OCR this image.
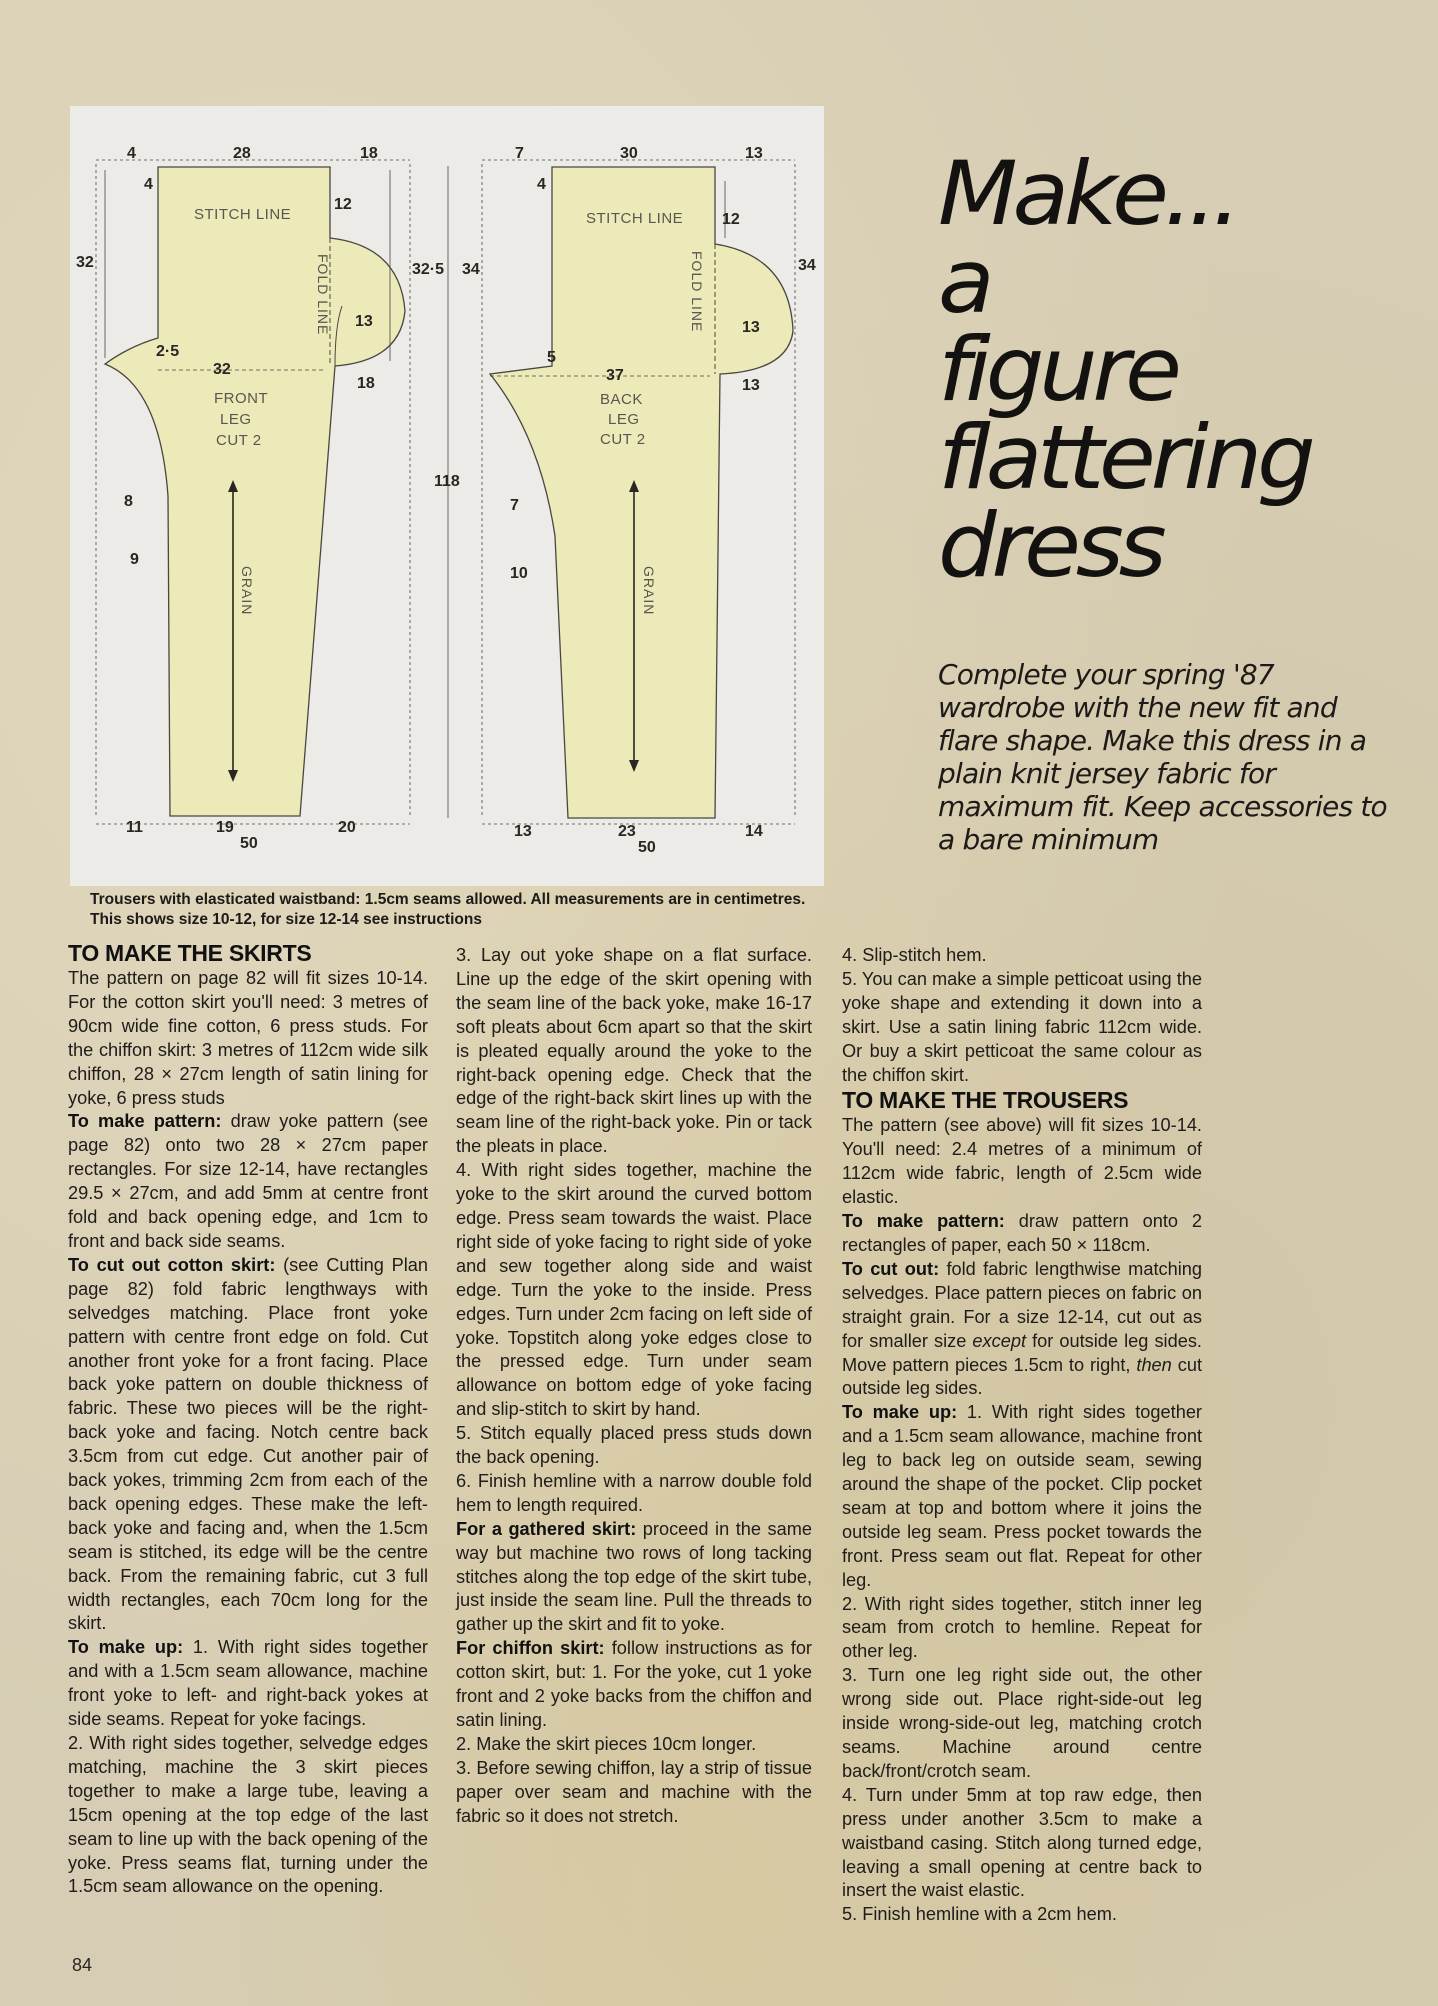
4	28	18
4
32
12
32·5
13
2·5
32
18
8
9
11	19	20
50
STITCH LINE
FOLD LINE
FRONT
LEG
CUT 2
GRAIN
118
7	30	13
4
34
12
34
13
5
37
13
7
10
13	23	14
50
STITCH LINE
FOLD LINE
BACK
LEG
CUT 2
GRAIN
Trousers with elasticated waistband: 1.5cm seams allowed. All measurements are in centimetres. This shows size 10-12, for size 12-14 see instructions
Make...
a
figure
flattering
dress
Complete your spring '87 wardrobe with the new fit and flare shape. Make this dress in a plain knit jersey fabric for maximum fit. Keep accessories to a bare minimum
TO MAKE THE SKIRTS

The pattern on page 82 will fit sizes 10-14. For the cotton skirt you'll need: 3 metres of 90cm wide fine cotton, 6 press studs. For the chiffon skirt: 3 metres of 112cm wide silk chiffon, 28 × 27cm length of satin lining for yoke, 6 press studs

To make pattern: draw yoke pattern (see page 82) onto two 28 × 27cm paper rectangles. For size 12-14, have rectangles 29.5 × 27cm, and add 5mm at centre front fold and back opening edge, and 1cm to front and back side seams.

To cut out cotton skirt: (see Cutting Plan page 82) fold fabric lengthways with selvedges matching. Place front yoke pattern with centre front edge on fold. Cut another front yoke for a front facing. Place back yoke pattern on double thickness of fabric. These two pieces will be the right-back yoke and facing. Notch centre back 3.5cm from cut edge. Cut another pair of back yokes, trimming 2cm from each of the back opening edges. These make the left-back yoke and facing and, when the 1.5cm seam is stitched, its edge will be the centre back. From the remaining fabric, cut 3 full width rectangles, each 70cm long for the skirt.

To make up: 1. With right sides together and with a 1.5cm seam allowance, machine front yoke to left- and right-back yokes at side seams. Repeat for yoke facings.

2. With right sides together, selvedge edges matching, machine the 3 skirt pieces together to make a large tube, leaving a 15cm opening at the top edge of the last seam to line up with the back opening of the yoke. Press seams flat, turning under the 1.5cm seam allowance on the opening.

3. Lay out yoke shape on a flat surface. Line up the edge of the skirt opening with the seam line of the back yoke, make 16-17 soft pleats about 6cm apart so that the skirt is pleated equally around the yoke to the right-back opening edge. Check that the edge of the right-back skirt lines up with the seam line of the right-back yoke. Pin or tack the pleats in place.

4. With right sides together, machine the yoke to the skirt around the curved bottom edge. Press seam towards the waist. Place right side of yoke facing to right side of yoke and sew together along side and waist edge. Turn the yoke to the inside. Press edges. Turn under 2cm facing on left side of yoke. Topstitch along yoke edges close to the pressed edge. Turn under seam allowance on bottom edge of yoke facing and slip-stitch to skirt by hand.

5. Stitch equally placed press studs down the back opening.

6. Finish hemline with a narrow double fold hem to length required.

For a gathered skirt: proceed in the same way but machine two rows of long tacking stitches along the top edge of the skirt tube, just inside the seam line. Pull the threads to gather up the skirt and fit to yoke.

For chiffon skirt: follow instructions as for cotton skirt, but: 1. For the yoke, cut 1 yoke front and 2 yoke backs from the chiffon and satin lining.

2. Make the skirt pieces 10cm longer.

3. Before sewing chiffon, lay a strip of tissue paper over seam and machine with the fabric so it does not stretch.

4. Slip-stitch hem.

5. You can make a simple petticoat using the yoke shape and extending it down into a skirt. Use a satin lining fabric 112cm wide. Or buy a skirt petticoat the same colour as the chiffon skirt.

TO MAKE THE TROUSERS

The pattern (see above) will fit sizes 10-14. You'll need: 2.4 metres of a minimum of 112cm wide fabric, length of 2.5cm wide elastic.

To make pattern: draw pattern onto 2 rectangles of paper, each 50 × 118cm.

To cut out: fold fabric lengthwise matching selvedges. Place pattern pieces on fabric on straight grain. For a size 12-14, cut out as for smaller size except for outside leg sides. Move pattern pieces 1.5cm to right, then cut outside leg sides.

To make up: 1. With right sides together and a 1.5cm seam allowance, machine front leg to back leg on outside seam, sewing around the shape of the pocket. Clip pocket seam at top and bottom where it joins the outside leg seam. Press pocket towards the front. Press seam out flat. Repeat for other leg.

2. With right sides together, stitch inner leg seam from crotch to hemline. Repeat for other leg.

3. Turn one leg right side out, the other wrong side out. Place right-side-out leg inside wrong-side-out leg, matching crotch seams. Machine around centre back/front/crotch seam.

4. Turn under 5mm at top raw edge, then press under another 3.5cm to make a waistband casing. Stitch along turned edge, leaving a small opening at centre back to insert the waist elastic.

5. Finish hemline with a 2cm hem.

84
